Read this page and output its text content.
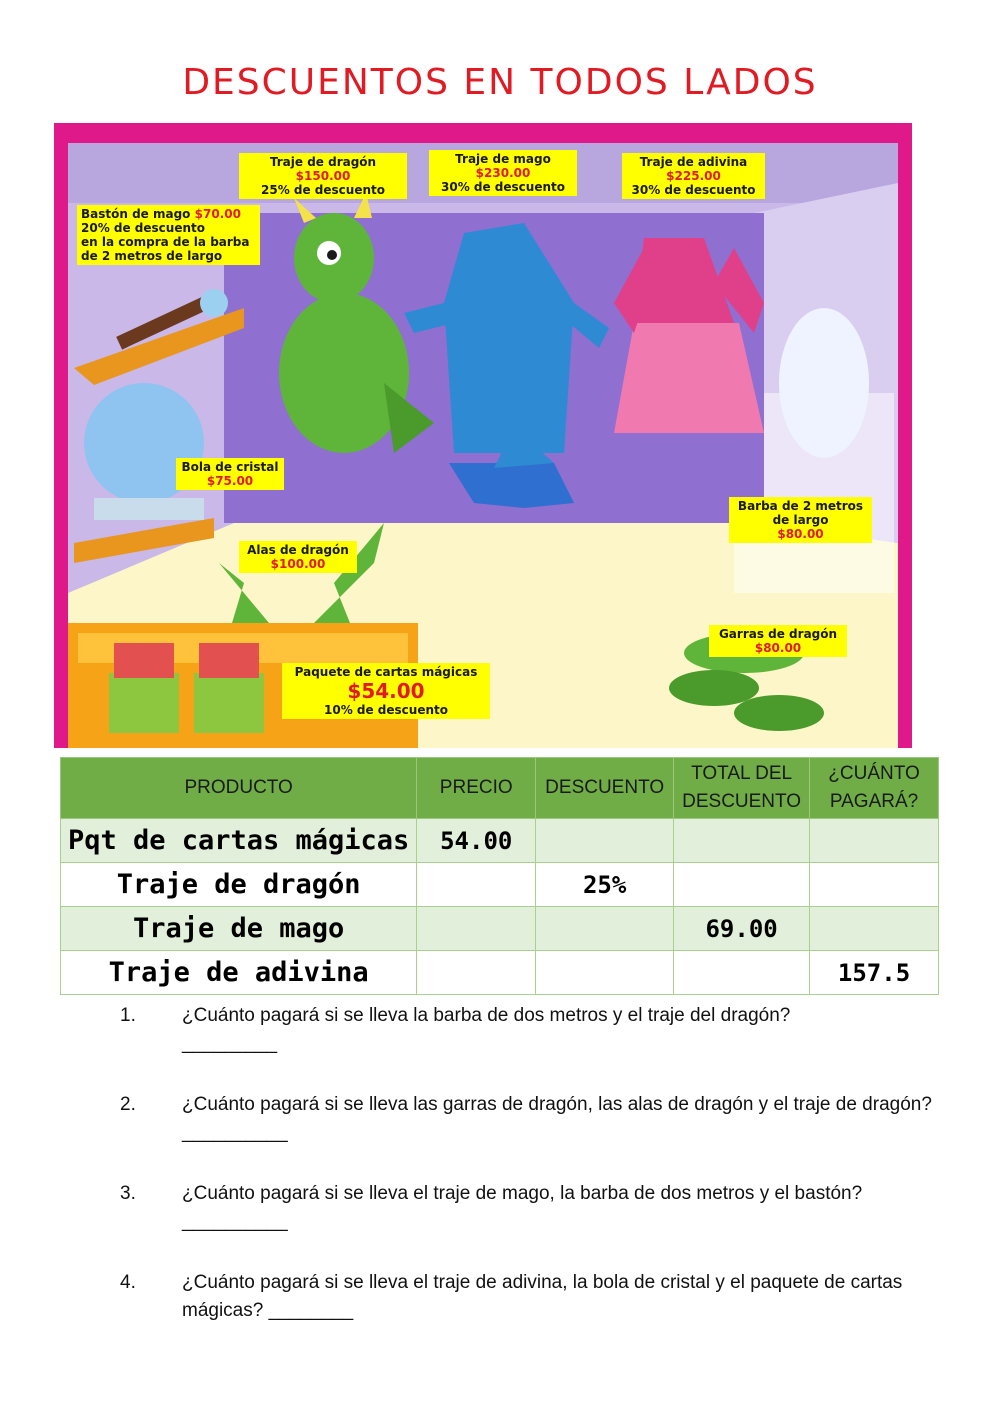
DESCUENTOS EN TODOS LADOS
Traje de dragón
$150.00
25% de descuento
Traje de mago
$230.00
30% de descuento
Traje de adivina
$225.00
30% de descuento
Bastón de mago $70.00
20% de descuento
en la compra de la barba
de 2 metros de largo
Bola de cristal
$75.00
Alas de dragón
$100.00
Barba de 2 metros de largo
$80.00
Garras de dragón
$80.00
Paquete de cartas mágicas
$54.00
10% de descuento
PRODUCTO	PRECIO	DESCUENTO	TOTAL DEL DESCUENTO	¿CUÁNTO PAGARÁ?
Pqt de cartas mágicas	54.00			
Traje de dragón		25%		
Traje de mago			69.00	
Traje de adivina				157.5
1.	¿Cuánto pagará si se lleva la barba de dos metros y el traje del dragón?
_________
2.	¿Cuánto pagará si se lleva las garras de dragón, las alas de dragón y el traje de dragón? __________
3.	¿Cuánto pagará si se lleva el traje de mago, la barba de dos metros y el bastón?
__________
4.	¿Cuánto pagará si se lleva el traje de adivina, la bola de cristal y el paquete de cartas mágicas? ________
